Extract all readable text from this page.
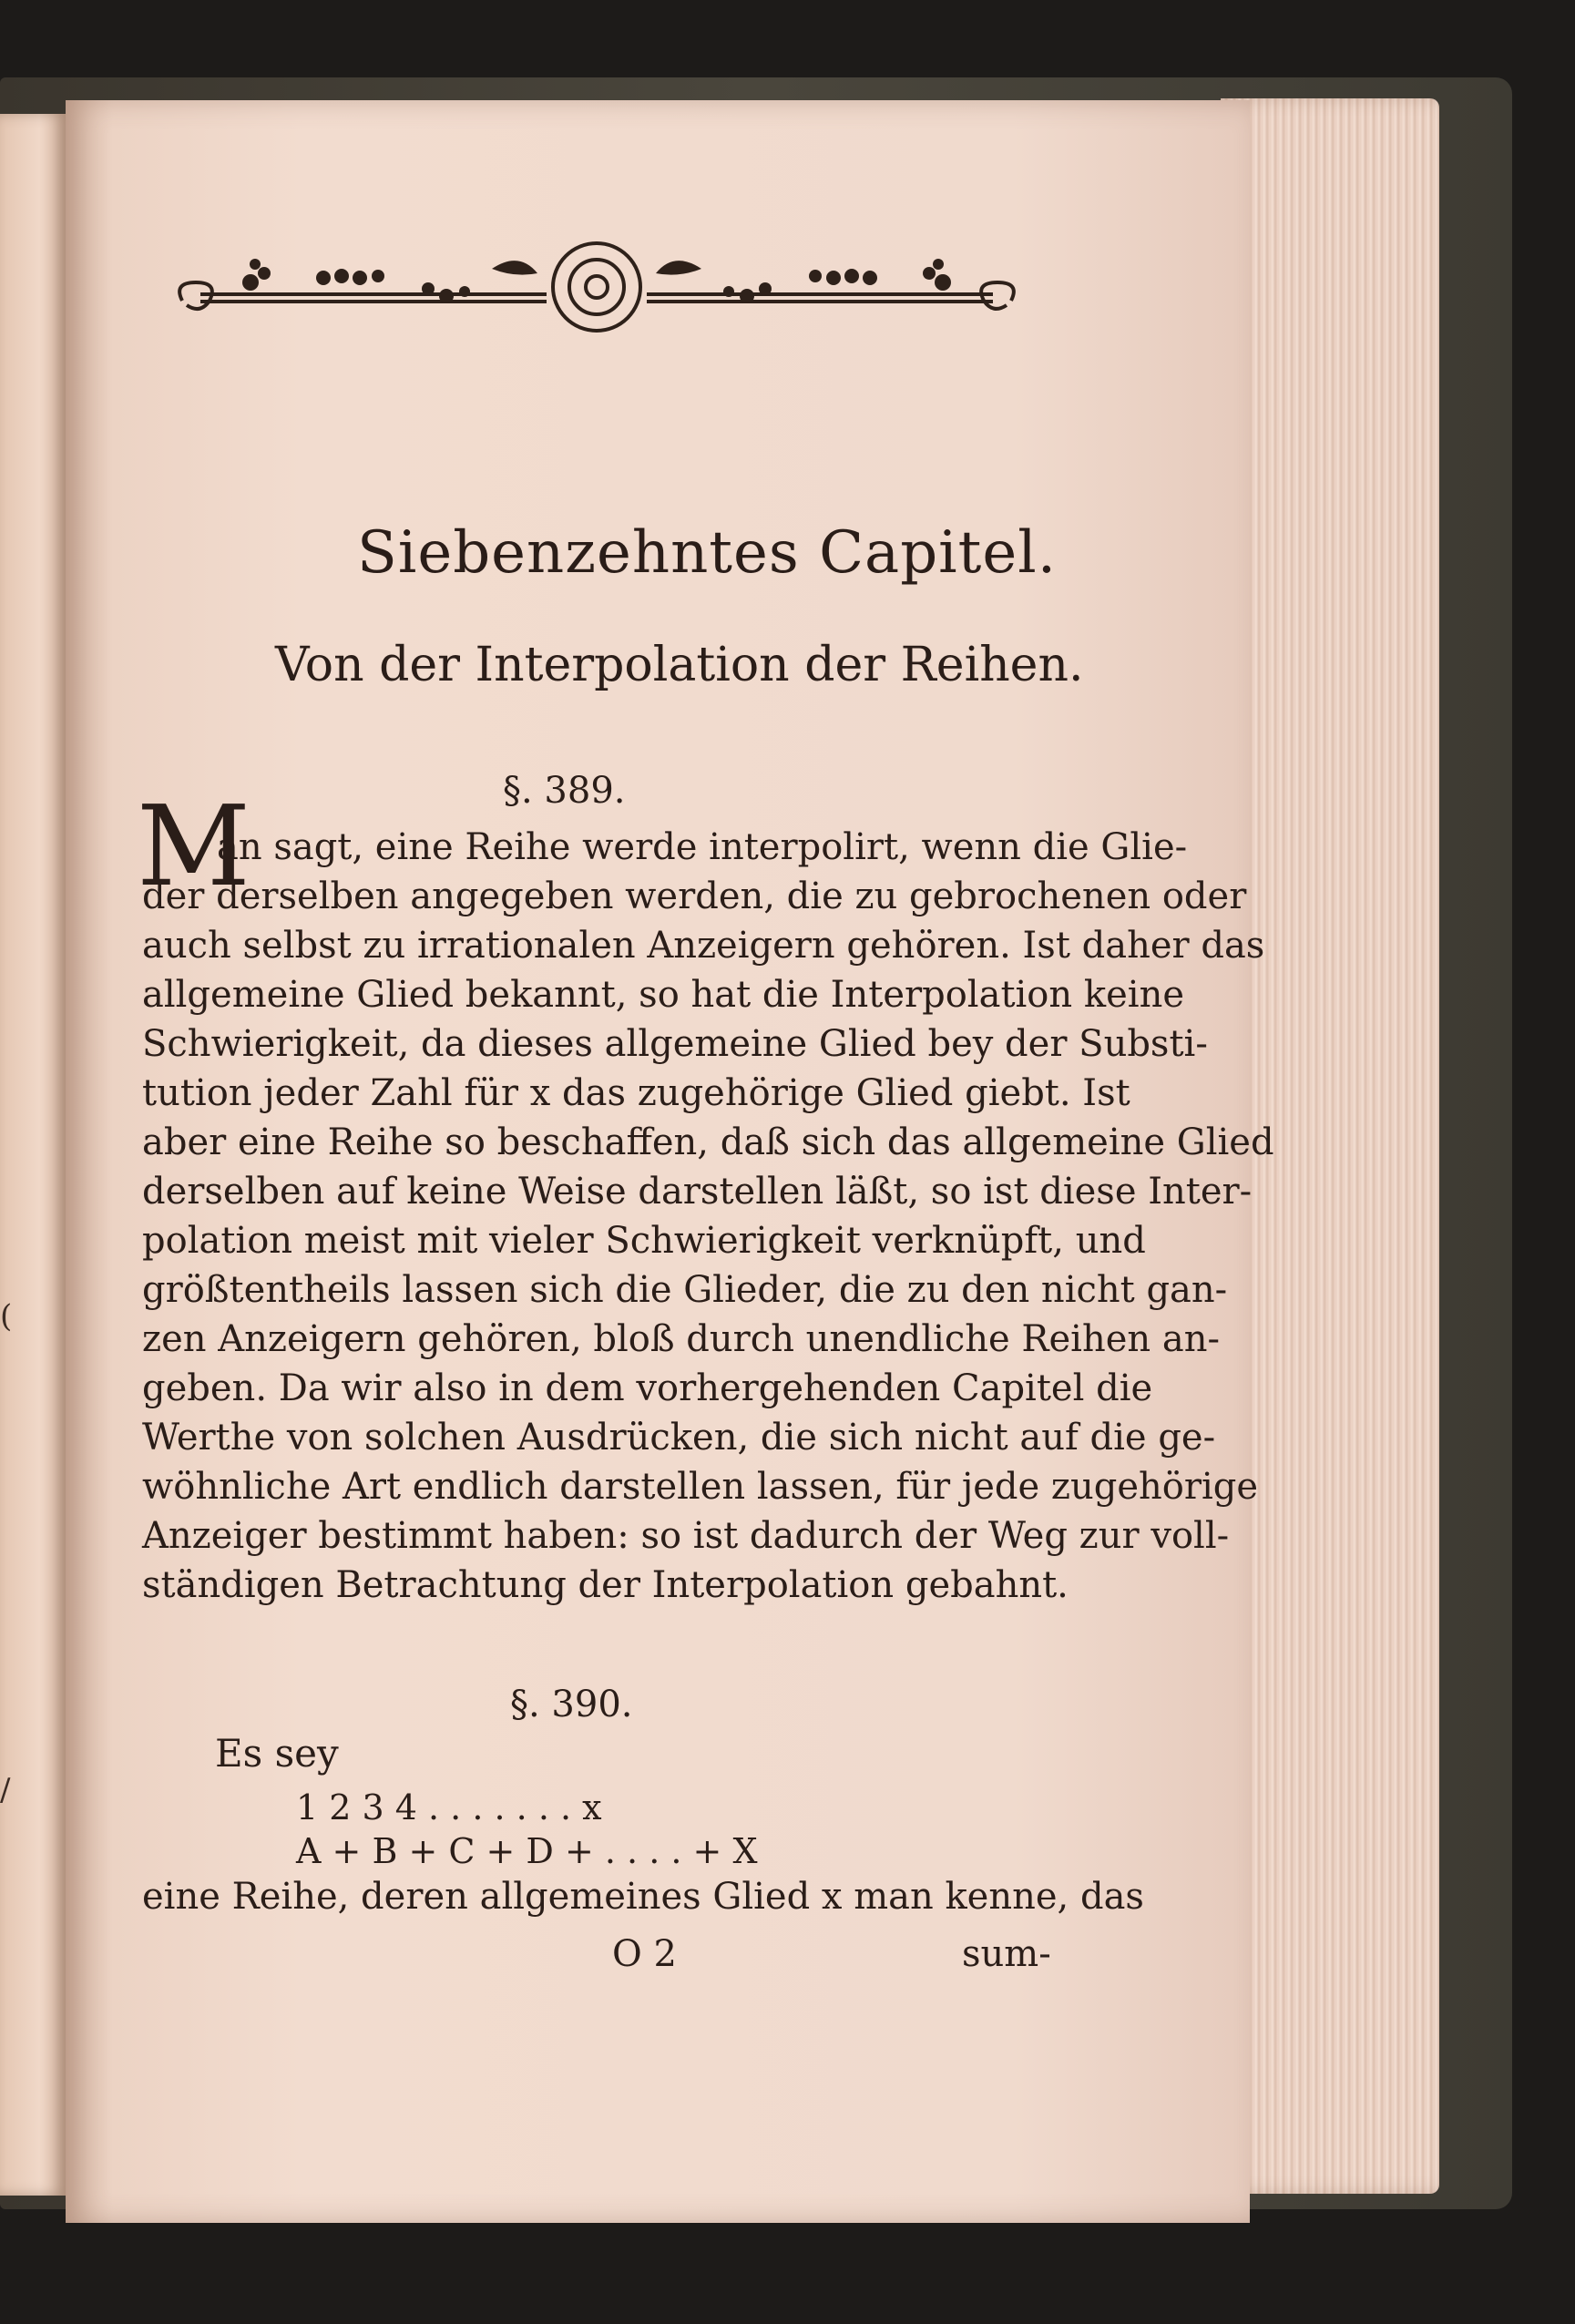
(
/
Siebenzehntes Capitel.
Von der Interpolation der Reihen.
§. 389.
M
an sagt, eine Reihe werde interpolirt, wenn die Glie-
der derselben angegeben werden, die zu gebrochenen oder
auch selbst zu irrationalen Anzeigern gehören. Ist daher das
allgemeine Glied bekannt, so hat die Interpolation keine
Schwierigkeit, da dieses allgemeine Glied bey der Substi-
tution jeder Zahl für x das zugehörige Glied giebt. Ist
aber eine Reihe so beschaffen, daß sich das allgemeine Glied
derselben auf keine Weise darstellen läßt, so ist diese Inter-
polation meist mit vieler Schwierigkeit verknüpft, und
größtentheils lassen sich die Glieder, die zu den nicht gan-
zen Anzeigern gehören, bloß durch unendliche Reihen an-
geben. Da wir also in dem vorhergehenden Capitel die
Werthe von solchen Ausdrücken, die sich nicht auf die ge-
wöhnliche Art endlich darstellen lassen, für jede zugehörige
Anzeiger bestimmt haben: so ist dadurch der Weg zur voll-
ständigen Betrachtung der Interpolation gebahnt.
§. 390.
Es sey
1 2 3 4 . . . . . . . x
A + B + C + D + . . . . + X
eine Reihe, deren allgemeines Glied x man kenne, das
O 2	sum-
